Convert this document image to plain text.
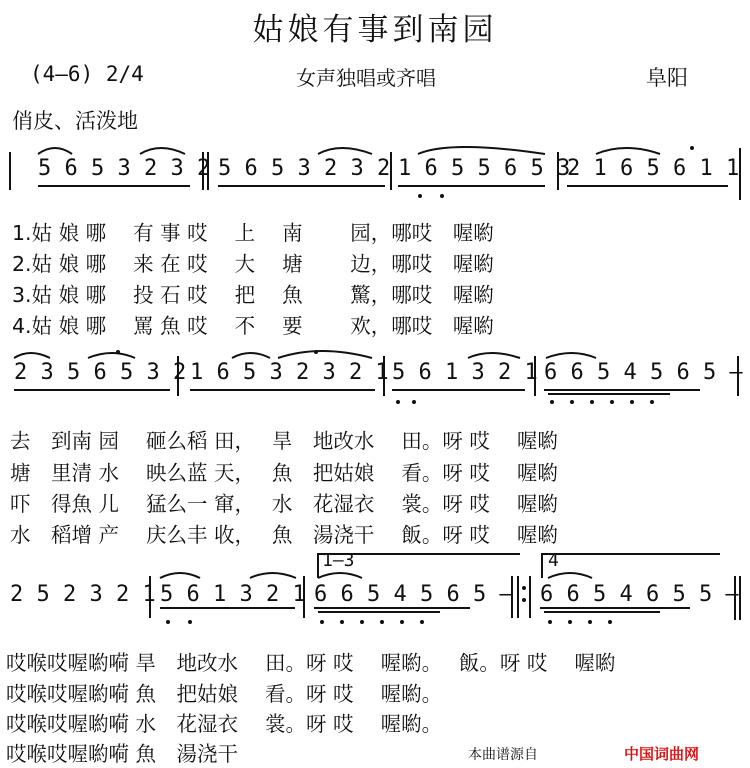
姑娘有事到南园
(4—6) 2/4	女声独唱或齐唱	阜阳
俏皮、活泼地
5 6 5 3 2 3 2 5 6 5 3 2 3 2 1 6 5 5 6 5 3
2 1 6 5 6 1 1
1.姑 娘 哪　 有 事 哎　 上　 南　　 园，哪哎　喔喲
2.姑 娘 哪　 来 在 哎　 大　 塘　　 边，哪哎　喔喲
3.姑 娘 哪　 投 石 哎　 把　 魚　　 驚，哪哎　喔喲
4.姑 娘 哪　 罵 魚 哎　 不　 要　　 欢，哪哎　喔喲
2 3 5 6 5 3 2 1 6 5 3 2 3 2 1 5 6 1 3 2 1 6 6 5 4 5 6 5 —
去　到南 园　 砸么稻 田，　 旱　地改水　 田。呀 哎　 喔喲
塘　里清 水　 映么蓝 天，　 魚　把姑娘　 看。呀 哎　 喔喲
吓　得魚 儿　 猛么一 窜，　 水　花湿衣　 裳。呀 哎　 喔喲
水　稻增 产　 庆么丰 收，　 魚　湯浇干　 飯。呀 哎　 喔喲
1—3	4
2 5 2 3 2 1 5 6 1 3 2 1 6 6 5 4 5 6 5 — 6 6 5 4 6 5 5 —
哎喉哎喔喲嗬 旱　地改水　 田。呀 哎　 喔喲。　 飯。呀 哎　 喔喲
哎喉哎喔喲嗬 魚　把姑娘　 看。呀 哎　 喔喲。
哎喉哎喔喲嗬 水　花湿衣　 裳。呀 哎　 喔喲。
哎喉哎喔喲嗬 魚　湯浇干	本曲谱源自	中国词曲网
